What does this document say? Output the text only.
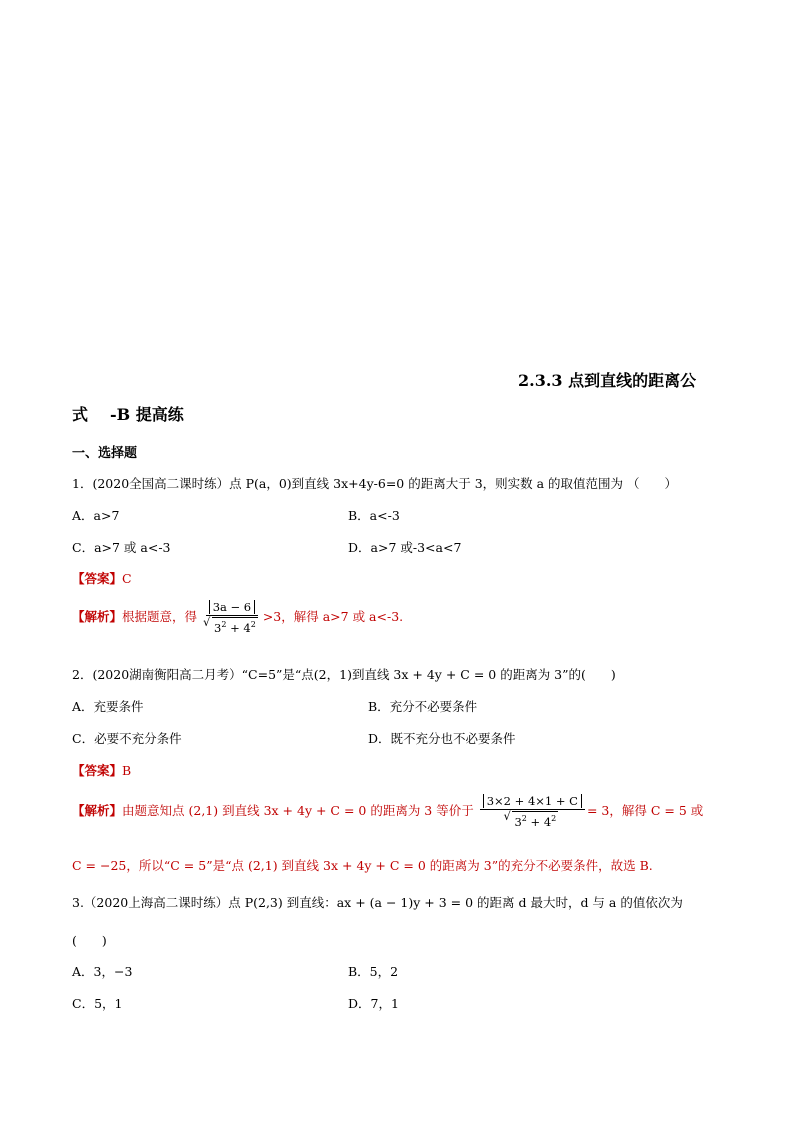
2.3.3 点到直线的距离公
式 -B 提高练
一、选择题
1．(2020全国高二课时练）点 P(a，0)到直线 3x+4y-6=0 的距离大于 3，则实数 a 的取值范围为 （　　）
A．a>7	B．a<-3
C．a>7 或 a<-3	D．a>7 或-3<a<7
【答案】C
【解析】根据题意，得 3a − 6
√ $3^2 + 4^2 >3$，解得 a>7 或 a<-3.
2．(2020湖南衡阳高二月考）“C=5”是“点(2，1)到直线 3x + 4y + C = 0 的距离为 3”的(　　)
A．充要条件	B．充分不必要条件
C．必要不充分条件	D．既不充分也不必要条件
【答案】B
【解析】由题意知点 (2,1) 到直线 3x + 4y + C = 0 的距离为 3 等价于 3×2 + 4×1 + C
√ $3^2 + 4^2 = 3$，解得 C = 5 或
C = −25，所以“C = 5”是“点 (2,1) 到直线 3x + 4y + C = 0 的距离为 3”的充分不必要条件，故选 B.
3.（2020上海高二课时练）点 P(2,3) 到直线：ax + (a − 1)y + 3 = 0 的距离 d 最大时，d 与 a 的值依次为
(　　)
A．3，−3	B．5，2
C．5，1	D．7，1
